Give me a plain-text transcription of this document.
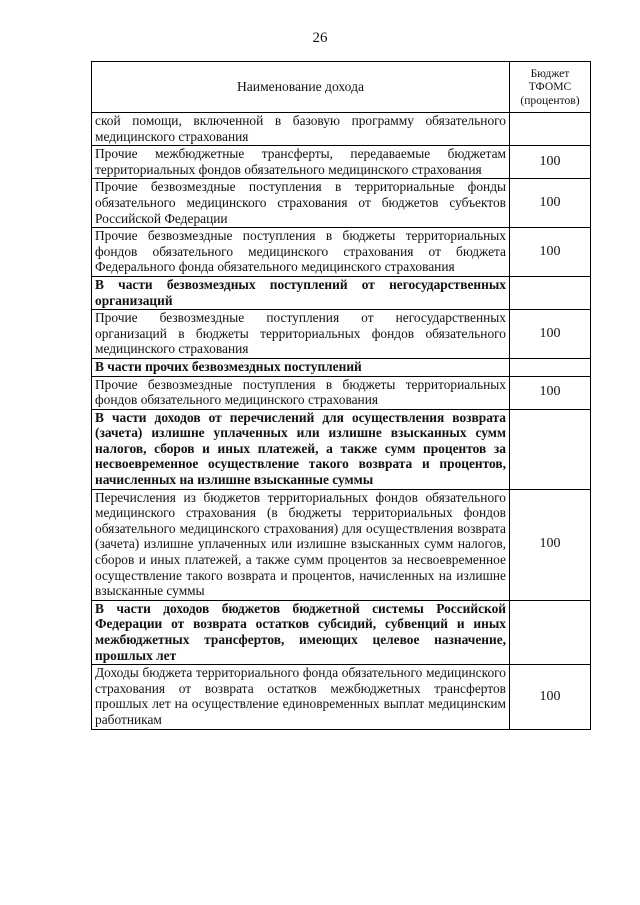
26
Наименование дохода	Бюджет
ТФОМС
(процентов)

ской помощи, включенной в базовую программу обязательного медицинского страхования	
Прочие межбюджетные трансферты, передаваемые бюджетам территориальных фондов обязательного медицинского страхования	100
Прочие безвозмездные поступления в территориальные фонды обязательного медицинского страхования от бюджетов субъектов Российской Федерации	100
Прочие безвозмездные поступления в бюджеты территориальных фондов обязательного медицинского страхования от бюджета Федерального фонда обязательного медицинского страхования	100
В части безвозмездных поступлений от негосударственных организаций	
Прочие безвозмездные поступления от негосударственных организаций в бюджеты территориальных фондов обязательного медицинского страхования	100
В части прочих безвозмездных поступлений	
Прочие безвозмездные поступления в бюджеты территориальных фондов обязательного медицинского страхования	100
В части доходов от перечислений для осуществления возврата (зачета) излишне уплаченных или излишне взысканных сумм налогов, сборов и иных платежей, а также сумм процентов за несвоевременное осуществление такого возврата и процентов, начисленных на излишне взысканные суммы	
Перечисления из бюджетов территориальных фондов обязательного медицинского страхования (в бюджеты территориальных фондов обязательного медицинского страхования) для осуществления возврата (зачета) излишне уплаченных или излишне взысканных сумм налогов, сборов и иных платежей, а также сумм процентов за несвоевременное осуществление такого возврата и процентов, начисленных на излишне взысканные суммы	100
В части доходов бюджетов бюджетной системы Российской Федерации от возврата остатков субсидий, субвенций и иных межбюджетных трансфертов, имеющих целевое назначение, прошлых лет	
Доходы бюджета территориального фонда обязательного медицинского страхования от возврата остатков межбюджетных трансфертов прошлых лет на осуществление единовременных выплат медицинским работникам	100
